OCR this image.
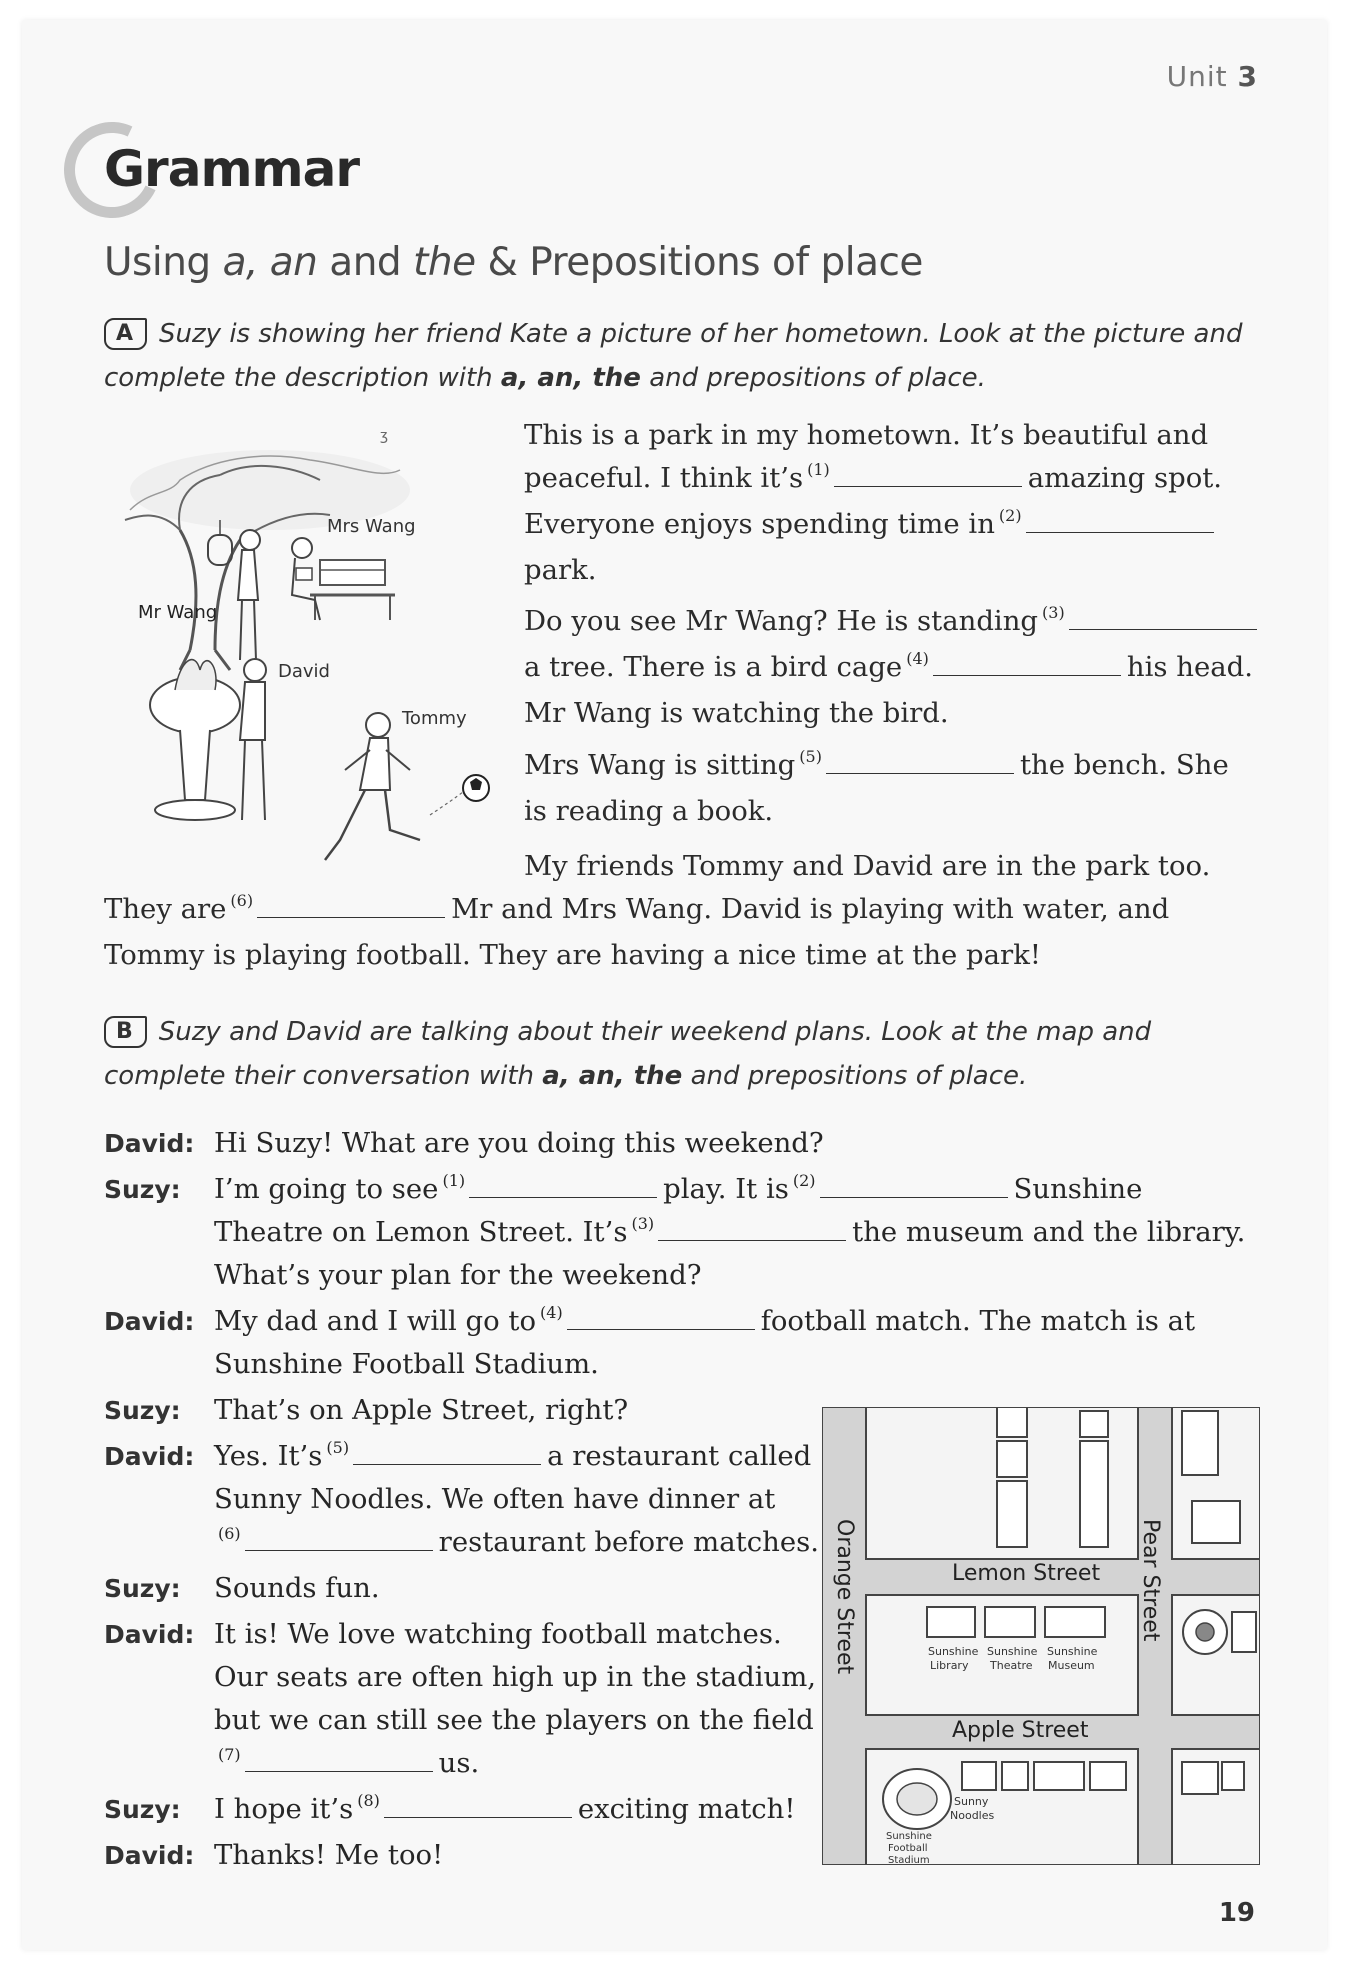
Unit 3
Grammar
Using a, an and the & Prepositions of place
A Suzy is showing her friend Kate a picture of her hometown. Look at the picture and
complete the description with a, an, the and prepositions of place.
ʒ
Mrs Wang
Mr Wang
David
Tommy
This is a park in my hometown. It’s beautiful and
peaceful. I think it’s $^{(1)}$	amazing spot.
Everyone enjoys spending time in $^{(2)}$
park.
Do you see Mr Wang? He is standing $^{(3)}$
a tree. There is a bird cage $^{(4)}$	his head.
Mr Wang is watching the bird.
Mrs Wang is sitting $^{(5)}$	the bench. She
is reading a book.
My friends Tommy and David are in the park too.
They are $^{(6)}$	Mr and Mrs Wang. David is playing with water, and
Tommy is playing football. They are having a nice time at the park!
B Suzy and David are talking about their weekend plans. Look at the map and
complete their conversation with a, an, the and prepositions of place.
David: Hi Suzy! What are you doing this weekend?
Suzy: I’m going to see $^{(1)}$	play. It is $^{(2)}$	Sunshine
Theatre on Lemon Street. It’s $^{(3)}$	the museum and the library.
What’s your plan for the weekend?
David: My dad and I will go to $^{(4)}$	football match. The match is at
Sunshine Football Stadium.
Suzy: That’s on Apple Street, right?
David: Yes. It’s $^{(5)}$	a restaurant called
Sunny Noodles. We often have dinner at
$^{(6)}$	restaurant before matches.
Suzy: Sounds fun.
David: It is! We love watching football matches.
Our seats are often high up in the stadium,
but we can still see the players on the field
$^{(7)}$	us.
Suzy: I hope it’s $^{(8)}$	exciting match!
David: Thanks! Me too!
Lemon Street
Apple Street
Orange Street	Pear Street
Sunshine Library
Sunshine Theatre
Sunshine Museum
Sunny Noodles
Sunshine Football Stadium
19
